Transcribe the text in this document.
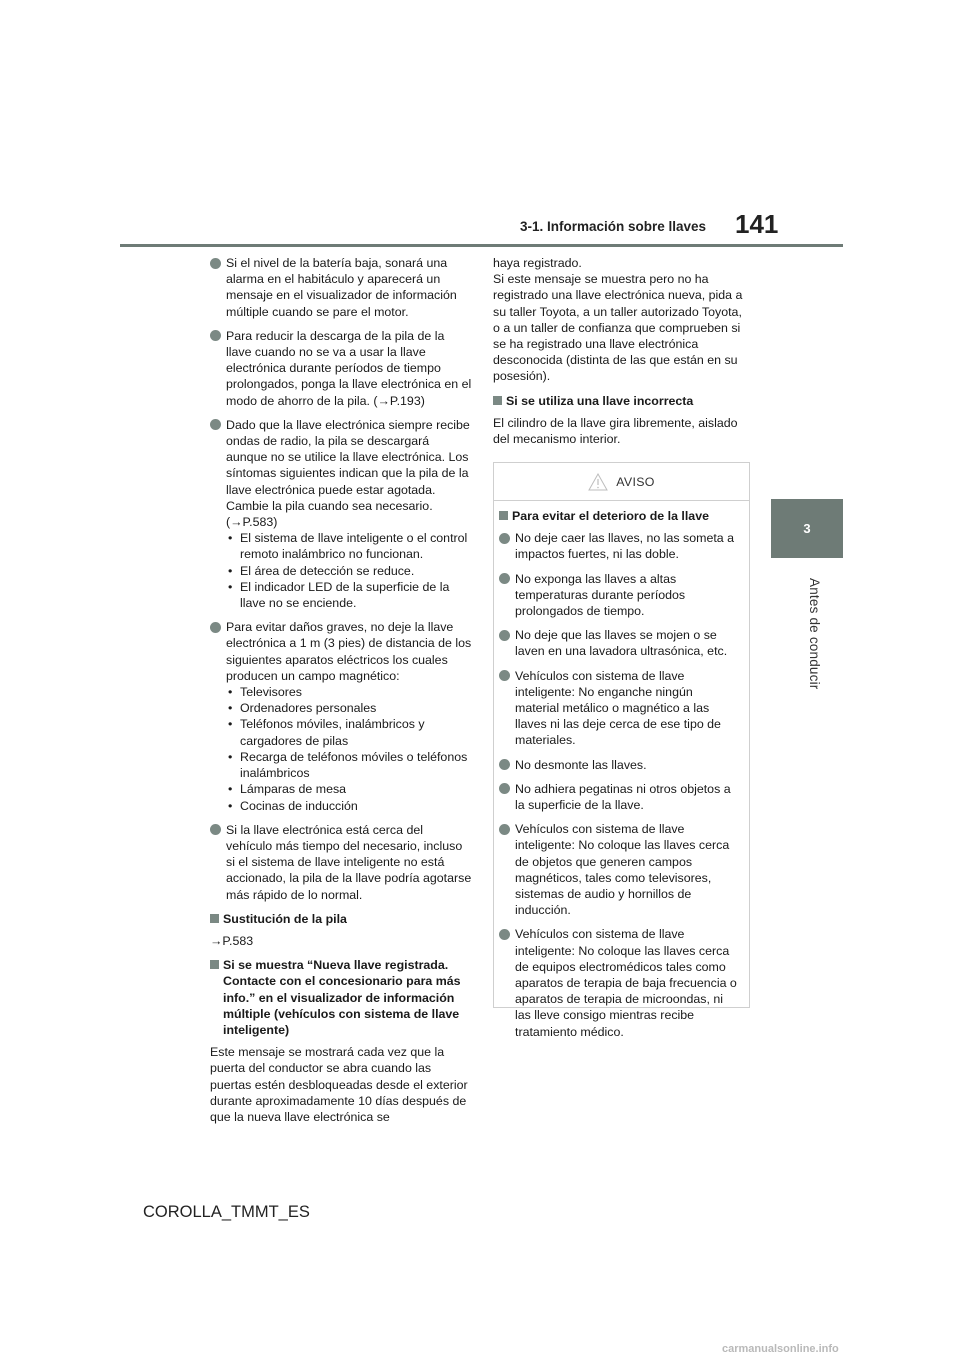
3-1. Información sobre llaves 141
3
Antes de conducir
Si el nivel de la batería baja, sonará una alarma en el habitáculo y aparecerá un mensaje en el visualizador de información múltiple cuando se pare el motor.
Para reducir la descarga de la pila de la llave cuando no se va a usar la llave electrónica durante períodos de tiempo prolongados, ponga la llave electrónica en el modo de ahorro de la pila. (→P.193)
Dado que la llave electrónica siempre recibe ondas de radio, la pila se descargará aunque no se utilice la llave electrónica. Los síntomas siguientes indican que la pila de la llave electrónica puede estar agotada. Cambie la pila cuando sea necesario. (→P.583)
• El sistema de llave inteligente o el control remoto inalámbrico no funcionan.
• El área de detección se reduce.
• El indicador LED de la superficie de la llave no se enciende.
Para evitar daños graves, no deje la llave electrónica a 1 m (3 pies) de distancia de los siguientes aparatos eléctricos los cuales producen un campo magnético:
• Televisores
• Ordenadores personales
• Teléfonos móviles, inalámbricos y cargadores de pilas
• Recarga de teléfonos móviles o teléfonos inalámbricos
• Lámparas de mesa
• Cocinas de inducción
Si la llave electrónica está cerca del vehículo más tiempo del necesario, incluso si el sistema de llave inteligente no está accionado, la pila de la llave podría agotarse más rápido de lo normal.
Sustitución de la pila
→P.583
Si se muestra “Nueva llave registrada. Contacte con el concesionario para más info.” en el visualizador de información múltiple (vehículos con sistema de llave inteligente)
Este mensaje se mostrará cada vez que la puerta del conductor se abra cuando las puertas estén desbloqueadas desde el exterior durante aproximadamente 10 días después de que la nueva llave electrónica se
haya registrado.
Si este mensaje se muestra pero no ha registrado una llave electrónica nueva, pida a su taller Toyota, a un taller autorizado Toyota, o a un taller de confianza que comprueben si se ha registrado una llave electrónica desconocida (distinta de las que están en su posesión).
Si se utiliza una llave incorrecta
El cilindro de la llave gira libremente, aislado del mecanismo interior.
AVISO
Para evitar el deterioro de la llave
No deje caer las llaves, no las someta a impactos fuertes, ni las doble.
No exponga las llaves a altas temperaturas durante períodos prolongados de tiempo.
No deje que las llaves se mojen o se laven en una lavadora ultrasónica, etc.
Vehículos con sistema de llave inteligente: No enganche ningún material metálico o magnético a las llaves ni las deje cerca de ese tipo de materiales.
No desmonte las llaves.
No adhiera pegatinas ni otros objetos a la superficie de la llave.
Vehículos con sistema de llave inteligente: No coloque las llaves cerca de objetos que generen campos magnéticos, tales como televisores, sistemas de audio y hornillos de inducción.
Vehículos con sistema de llave inteligente: No coloque las llaves cerca de equipos electromédicos tales como aparatos de terapia de baja frecuencia o aparatos de terapia de microondas, ni las lleve consigo mientras recibe tratamiento médico.
COROLLA_TMMT_ES
carmanualsonline.info
